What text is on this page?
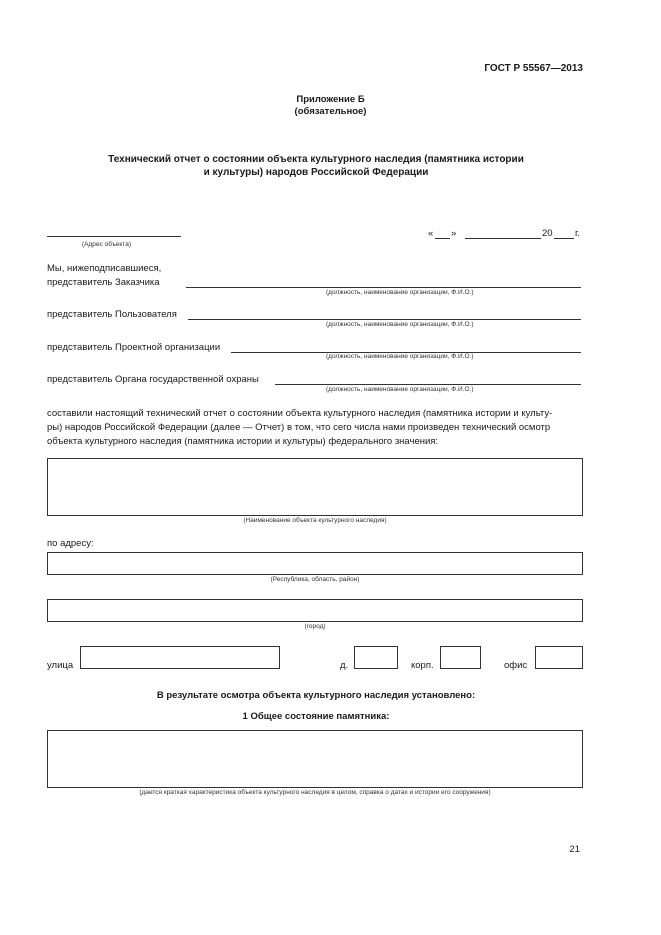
ГОСТ Р 55567—2013
Приложение Б
(обязательное)
Технический отчет о состоянии объекта культурного наследия (памятника истории
и культуры) народов Российской Федерации
(Адрес объекта)
« »	20 г.
Мы, нижеподписавшиеся,
представитель Заказчика
(должность, наименование организации, Ф.И.О.)
представитель Пользователя
(должность, наименование организации, Ф.И.О.)
представитель Проектной организации
(должность, наименование организации, Ф.И.О.)
представитель Органа государственной охраны
(должность, наименование организации, Ф.И.О.)
составили настоящий технический отчет о состоянии объекта культурного наследия (памятника истории и культу-
ры) народов Российской Федерации (далее — Отчет) в том, что сего числа нами произведен технический осмотр
объекта культурного наследия (памятника истории и культуры) федерального значения:
(Наименование объекта культурного наследия)
по адресу:
(Республика, область, район)
(город)
улица	д.	корп.	офис
В результате осмотра объекта культурного наследия установлено:
1 Общее состояние памятника:
(дается краткая характеристика объекта культурного наследия в целом, справка о датах и истории его сооружения)
21
